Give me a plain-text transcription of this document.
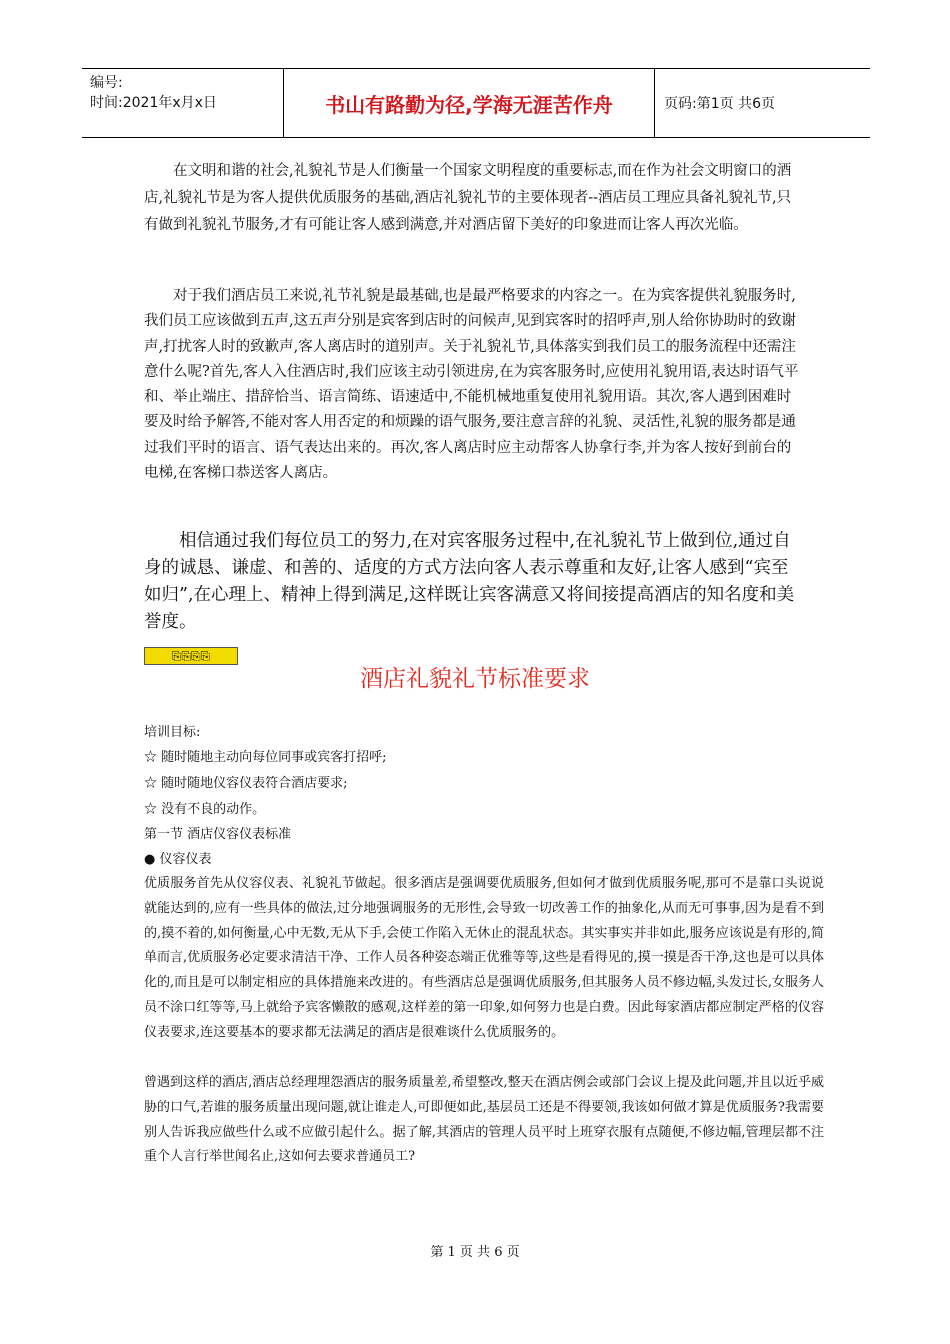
编号:
时间:2021年x月x日	书山有路勤为径,学海无涯苦作舟	页码:第1页 共6页

在文明和谐的社会,礼貌礼节是人们衡量一个国家文明程度的重要标志,而在作为社会文明窗口的酒店,礼貌礼节是为客人提供优质服务的基础,酒店礼貌礼节的主要体现者--酒店员工理应具备礼貌礼节,只有做到礼貌礼节服务,才有可能让客人感到满意,并对酒店留下美好的印象进而让客人再次光临。

对于我们酒店员工来说,礼节礼貌是最基础,也是最严格要求的内容之一。在为宾客提供礼貌服务时,我们员工应该做到五声,这五声分别是宾客到店时的问候声,见到宾客时的招呼声,别人给你协助时的致谢声,打扰客人时的致歉声,客人离店时的道别声。关于礼貌礼节,具体落实到我们员工的服务流程中还需注意什么呢?首先,客人入住酒店时,我们应该主动引领进房,在为宾客服务时,应使用礼貌用语,表达时语气平和、举止端庄、措辞恰当、语言简练、语速适中,不能机械地重复使用礼貌用语。其次,客人遇到困难时要及时给予解答,不能对客人用否定的和烦躁的语气服务,要注意言辞的礼貌、灵活性,礼貌的服务都是通过我们平时的语言、语气表达出来的。再次,客人离店时应主动帮客人协拿行李,并为客人按好到前台的电梯,在客梯口恭送客人离店。

相信通过我们每位员工的努力,在对宾客服务过程中,在礼貌礼节上做到位,通过自身的诚恳、谦虚、和善的、适度的方式方法向客人表示尊重和友好,让客人感到“宾至如归”,在心理上、精神上得到满足,这样既让宾客满意又将间接提高酒店的知名度和美誉度。

⎘⎘⎘⎘
酒店礼貌礼节标准要求

培训目标:

☆ 随时随地主动向每位同事或宾客打招呼;

☆ 随时随地仪容仪表符合酒店要求;

☆ 没有不良的动作。

第一节 酒店仪容仪表标准

● 仪容仪表

优质服务首先从仪容仪表、礼貌礼节做起。很多酒店是强调要优质服务,但如何才做到优质服务呢,那可不是靠口头说说就能达到的,应有一些具体的做法,过分地强调服务的无形性,会导致一切改善工作的抽象化,从而无可事事,因为是看不到的,摸不着的,如何衡量,心中无数,无从下手,会使工作陷入无休止的混乱状态。其实事实并非如此,服务应该说是有形的,简单而言,优质服务必定要求清洁干净、工作人员各种姿态端正优雅等等,这些是看得见的,摸一摸是否干净,这也是可以具体化的,而且是可以制定相应的具体措施来改进的。有些酒店总是强调优质服务,但其服务人员不修边幅,头发过长,女服务人员不涂口红等等,马上就给予宾客懒散的感观,这样差的第一印象,如何努力也是白费。因此每家酒店都应制定严格的仪容仪表要求,连这要基本的要求都无法满足的酒店是很难谈什么优质服务的。

曾遇到这样的酒店,酒店总经理埋怨酒店的服务质量差,希望整改,整天在酒店例会或部门会议上提及此问题,并且以近乎威胁的口气,若谁的服务质量出现问题,就让谁走人,可即便如此,基层员工还是不得要领,我该如何做才算是优质服务?我需要别人告诉我应做些什么或不应做引起什么。据了解,其酒店的管理人员平时上班穿衣服有点随便,不修边幅,管理层都不注重个人言行举世闻名止,这如何去要求普通员工?

第 1 页 共 6 页
